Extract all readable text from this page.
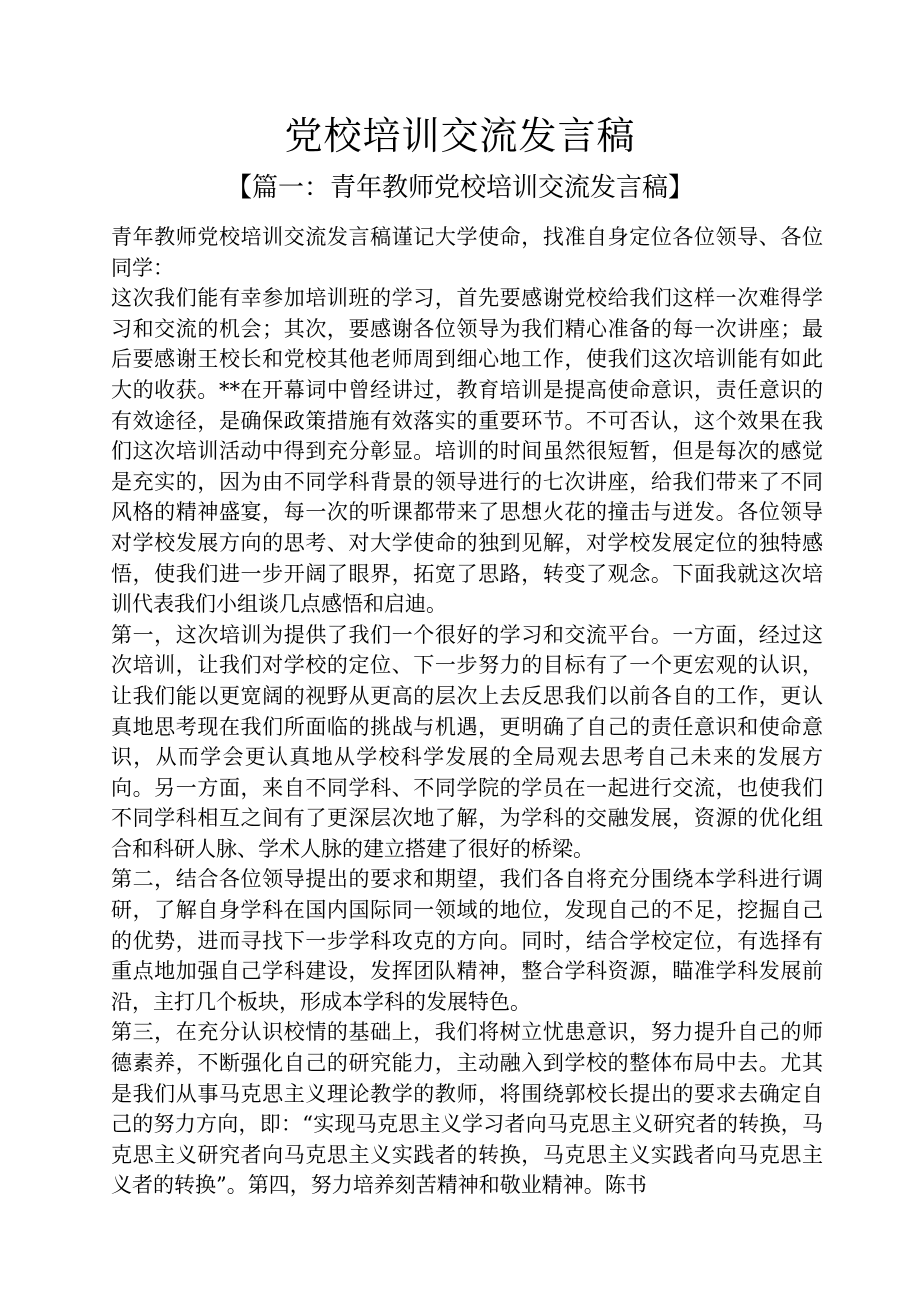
党校培训交流发言稿
【篇一：青年教师党校培训交流发言稿】

青年教师党校培训交流发言稿谨记大学使命，找准自身定位各位领导、各位同学：

这次我们能有幸参加培训班的学习，首先要感谢党校给我们这样一次难得学习和交流的机会；其次，要感谢各位领导为我们精心准备的每一次讲座；最后要感谢王校长和党校其他老师周到细心地工作，使我们这次培训能有如此大的收获。**在开幕词中曾经讲过，教育培训是提高使命意识，责任意识的有效途径，是确保政策措施有效落实的重要环节。不可否认，这个效果在我们这次培训活动中得到充分彰显。培训的时间虽然很短暂，但是每次的感觉是充实的，因为由不同学科背景的领导进行的七次讲座，给我们带来了不同风格的精神盛宴，每一次的听课都带来了思想火花的撞击与迸发。各位领导对学校发展方向的思考、对大学使命的独到见解，对学校发展定位的独特感悟，使我们进一步开阔了眼界，拓宽了思路，转变了观念。下面我就这次培训代表我们小组谈几点感悟和启迪。

第一，这次培训为提供了我们一个很好的学习和交流平台。一方面，经过这次培训，让我们对学校的定位、下一步努力的目标有了一个更宏观的认识，让我们能以更宽阔的视野从更高的层次上去反思我们以前各自的工作，更认真地思考现在我们所面临的挑战与机遇，更明确了自己的责任意识和使命意识，从而学会更认真地从学校科学发展的全局观去思考自己未来的发展方向。另一方面，来自不同学科、不同学院的学员在一起进行交流，也使我们不同学科相互之间有了更深层次地了解，为学科的交融发展，资源的优化组合和科研人脉、学术人脉的建立搭建了很好的桥梁。

第二，结合各位领导提出的要求和期望，我们各自将充分围绕本学科进行调研，了解自身学科在国内国际同一领域的地位，发现自己的不足，挖掘自己的优势，进而寻找下一步学科攻克的方向。同时，结合学校定位，有选择有重点地加强自己学科建设，发挥团队精神，整合学科资源，瞄准学科发展前沿，主打几个板块，形成本学科的发展特色。

第三，在充分认识校情的基础上，我们将树立忧患意识，努力提升自己的师德素养，不断强化自己的研究能力，主动融入到学校的整体布局中去。尤其是我们从事马克思主义理论教学的教师，将围绕郭校长提出的要求去确定自己的努力方向，即：“实现马克思主义学习者向马克思主义研究者的转换，马克思主义研究者向马克思主义实践者的转换，马克思主义实践者向马克思主义者的转换”。第四，努力培养刻苦精神和敬业精神。陈书
